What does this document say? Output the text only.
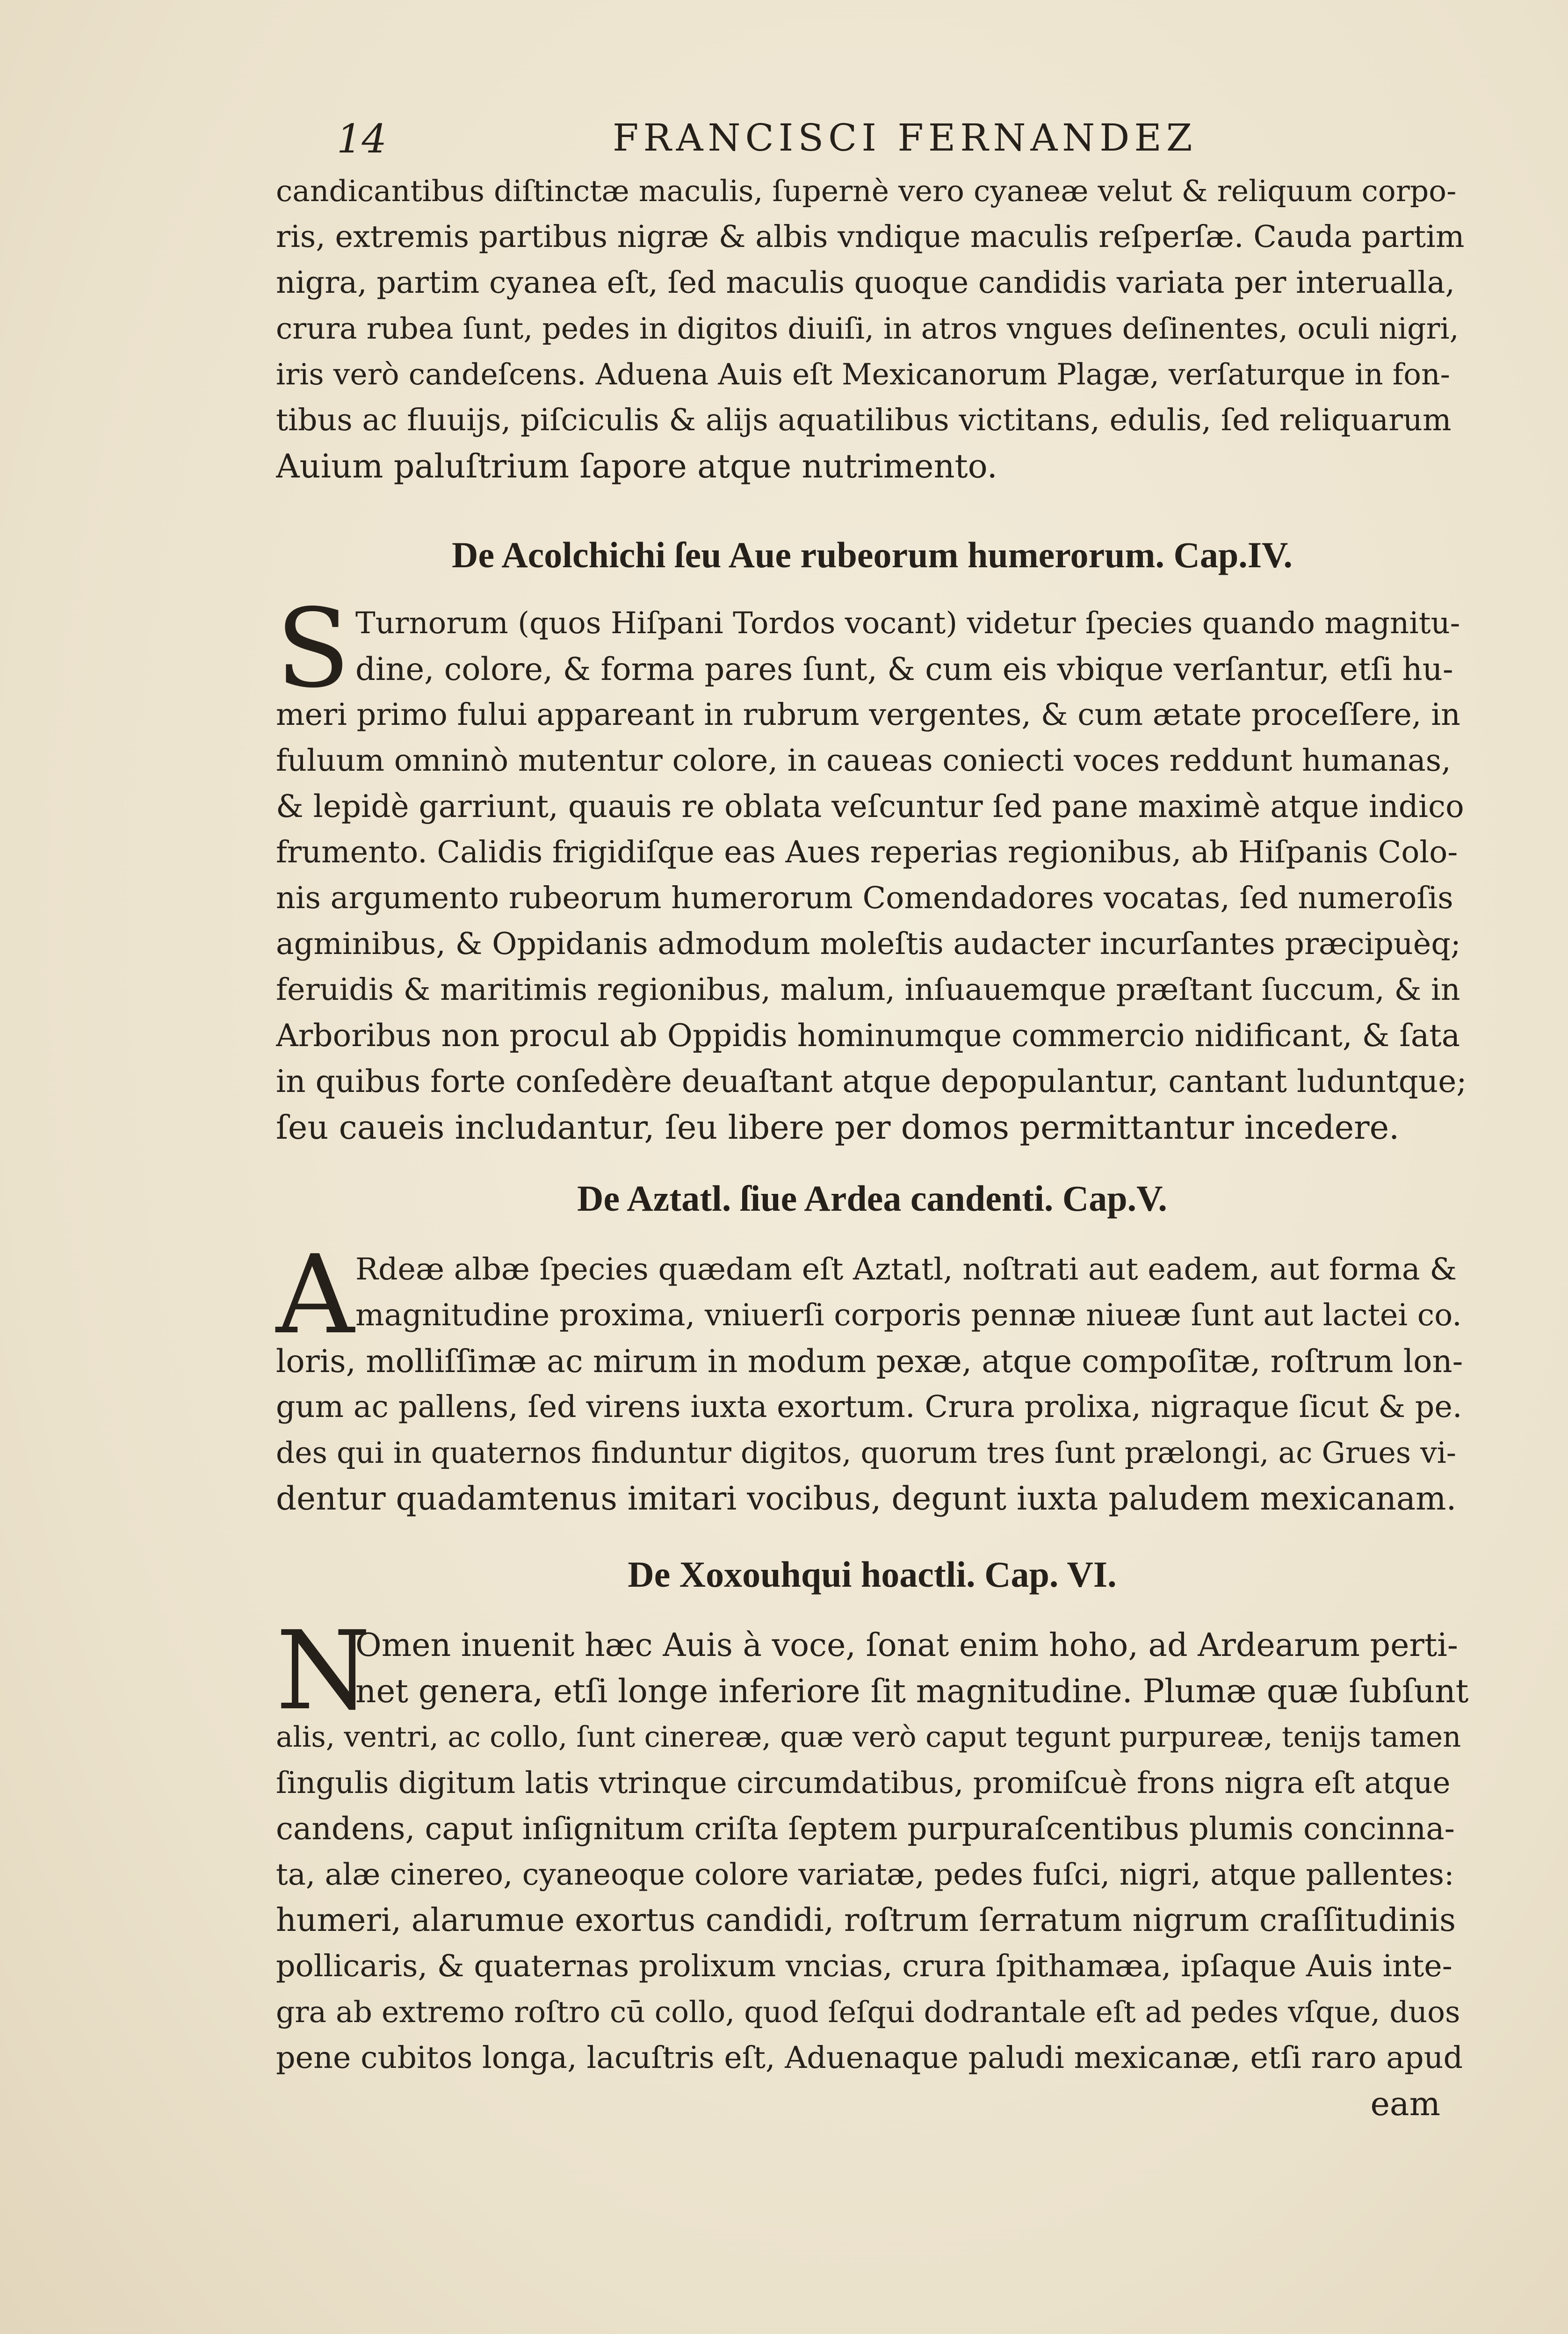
14	FRANCISCI FERNANDEZ
candicantibus diſtinctæ maculis, ſupernè vero cyaneæ velut & reliquum corpo-
ris, extremis partibus nigræ & albis vndique maculis reſperſæ. Cauda partim
nigra, partim cyanea eſt, ſed maculis quoque candidis variata per interualla,
crura rubea ſunt, pedes in digitos diuiſi, in atros vngues deſinentes, oculi nigri,
iris verò candeſcens. Aduena Auis eſt Mexicanorum Plagæ, verſaturque in fon-
tibus ac fluuijs, piſciculis & alijs aquatilibus victitans, edulis, ſed reliquarum
Auium paluſtrium ſapore atque nutrimento.
De Acolchichi ſeu Aue rubeorum humerorum. Cap.IV.
S Turnorum (quos Hiſpani Tordos vocant) videtur ſpecies quando magnitu-
dine, colore, & forma pares ſunt, & cum eis vbique verſantur, etſi hu-
meri primo fului appareant in rubrum vergentes, & cum ætate proceſſere, in
fuluum omninò mutentur colore, in caueas coniecti voces reddunt humanas,
& lepidè garriunt, quauis re oblata veſcuntur ſed pane maximè atque indico
frumento. Calidis frigidiſque eas Aues reperias regionibus, ab Hiſpanis Colo-
nis argumento rubeorum humerorum Comendadores vocatas, ſed numeroſis
agminibus, & Oppidanis admodum moleſtis audacter incurſantes præcipuèq;
feruidis & maritimis regionibus, malum, inſuauemque præſtant ſuccum, & in
Arboribus non procul ab Oppidis hominumque commercio nidificant, & ſata
in quibus forte conſedère deuaſtant atque depopulantur, cantant luduntque;
ſeu caueis includantur, ſeu libere per domos permittantur incedere.
De Aztatl. ſiue Ardea candenti. Cap.V.
A Rdeæ albæ ſpecies quædam eſt Aztatl, noſtrati aut eadem, aut forma &
magnitudine proxima, vniuerſi corporis pennæ niueæ ſunt aut lactei co.
loris, molliſſimæ ac mirum in modum pexæ, atque compoſitæ, roſtrum lon-
gum ac pallens, ſed virens iuxta exortum. Crura prolixa, nigraque ſicut & pe.
des qui in quaternos finduntur digitos, quorum tres ſunt prælongi, ac Grues vi-
dentur quadamtenus imitari vocibus, degunt iuxta paludem mexicanam.
De Xoxouhqui hoactli. Cap. VI.
N
Omen inuenit hæc Auis à voce, ſonat enim hoho, ad Ardearum perti-
net genera, etſi longe inferiore ſit magnitudine. Plumæ quæ ſubſunt
alis, ventri, ac collo, ſunt cinereæ, quæ verò caput tegunt purpureæ, tenijs tamen
ſingulis digitum latis vtrinque circumdatibus, promiſcuè frons nigra eſt atque
candens, caput inſignitum criſta ſeptem purpuraſcentibus plumis concinna-
ta, alæ cinereo, cyaneoque colore variatæ, pedes fuſci, nigri, atque pallentes:
humeri, alarumue exortus candidi, roſtrum ſerratum nigrum craſſitudinis
pollicaris, & quaternas prolixum vncias, crura ſpithamæa, ipſaque Auis inte-
gra ab extremo roſtro cū collo, quod ſeſqui dodrantale eſt ad pedes vſque, duos
pene cubitos longa, lacuſtris eſt, Aduenaque paludi mexicanæ, etſi raro apud
eam
